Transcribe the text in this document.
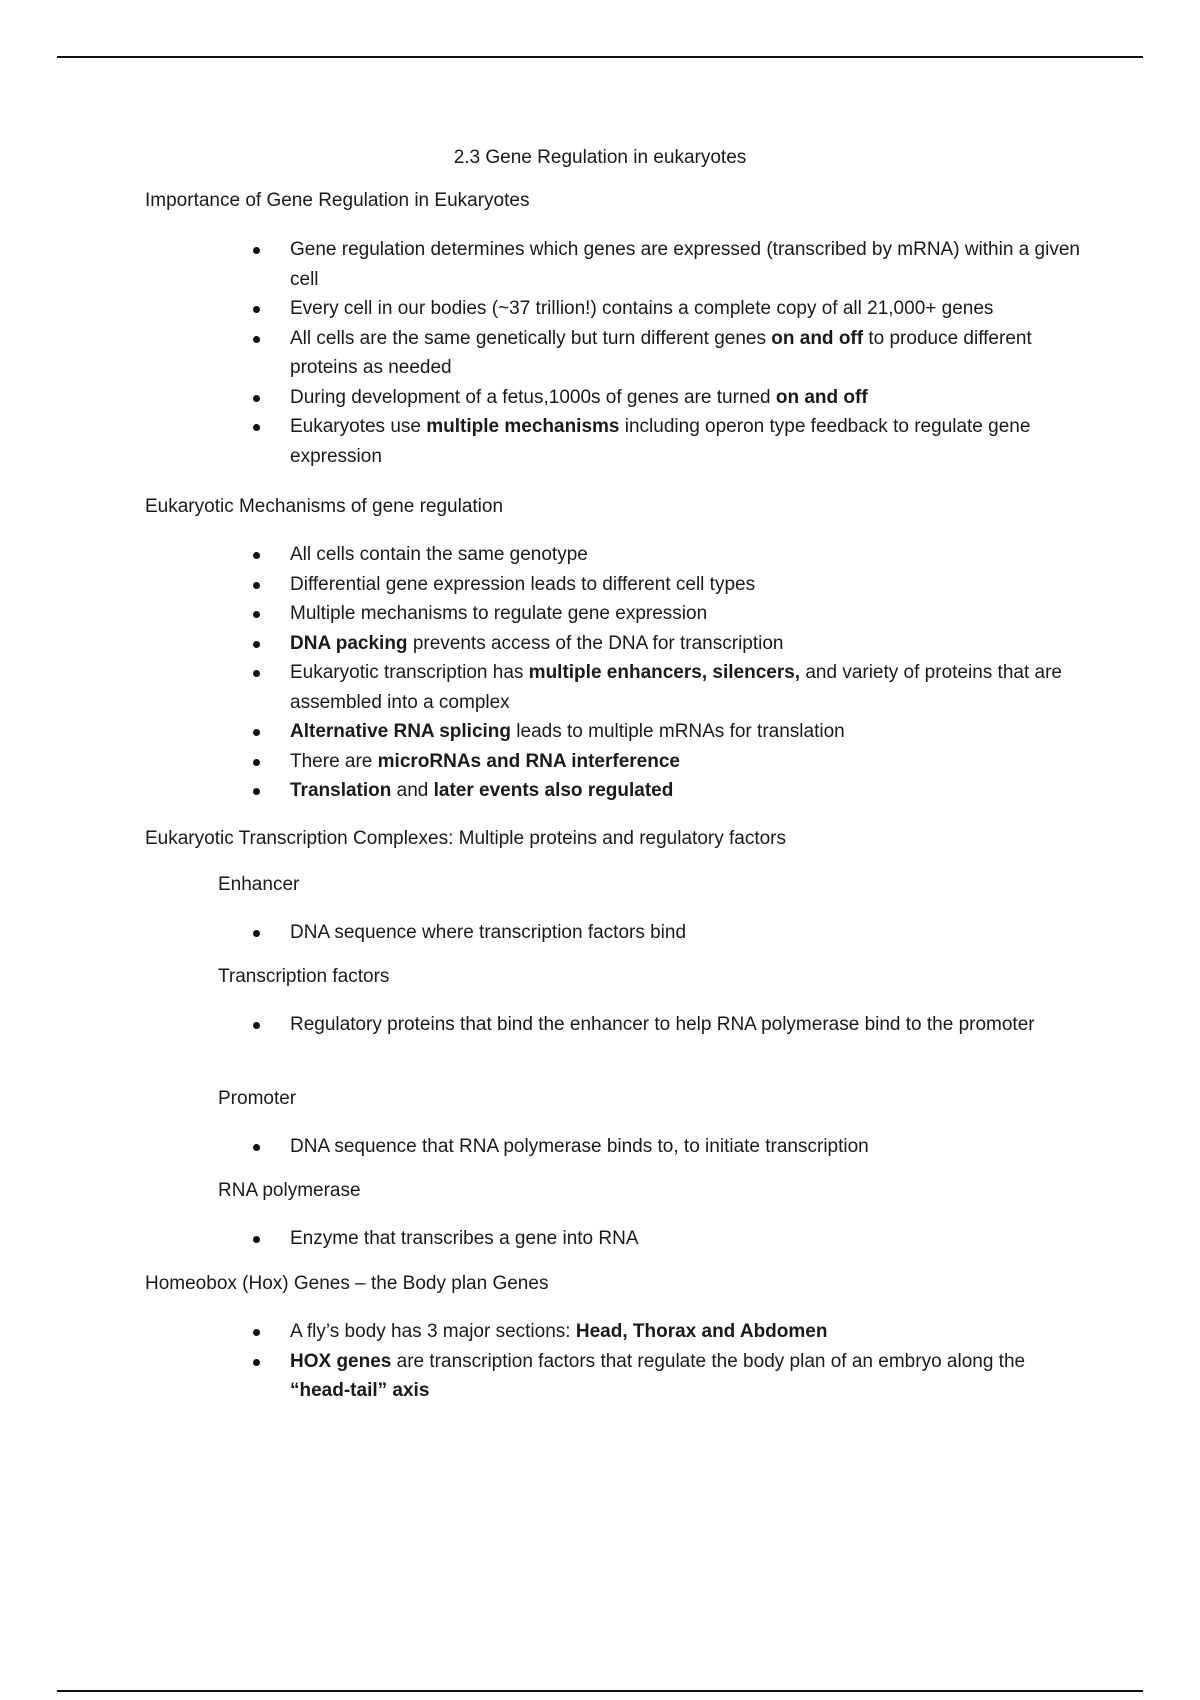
2.3 Gene Regulation in eukaryotes
Importance of Gene Regulation in Eukaryotes
Gene regulation determines which genes are expressed (transcribed by mRNA) within a given cell
Every cell in our bodies (~37 trillion!) contains a complete copy of all 21,000+ genes
All cells are the same genetically but turn different genes on and off to produce different proteins as needed
During development of a fetus,1000s of genes are turned on and off
Eukaryotes use multiple mechanisms including operon type feedback to regulate gene expression
Eukaryotic Mechanisms of gene regulation
All cells contain the same genotype
Differential gene expression leads to different cell types
Multiple mechanisms to regulate gene expression
DNA packing prevents access of the DNA for transcription
Eukaryotic transcription has multiple enhancers, silencers, and variety of proteins that are assembled into a complex
Alternative RNA splicing leads to multiple mRNAs for translation
There are microRNAs and RNA interference
Translation and later events also regulated
Eukaryotic Transcription Complexes: Multiple proteins and regulatory factors
Enhancer
DNA sequence where transcription factors bind
Transcription factors
Regulatory proteins that bind the enhancer to help RNA polymerase bind to the promoter
Promoter
DNA sequence that RNA polymerase binds to, to initiate transcription
RNA polymerase
Enzyme that transcribes a gene into RNA
Homeobox (Hox) Genes – the Body plan Genes
A fly’s body has 3 major sections: Head, Thorax and Abdomen
HOX genes are transcription factors that regulate the body plan of an embryo along the “head-tail” axis
